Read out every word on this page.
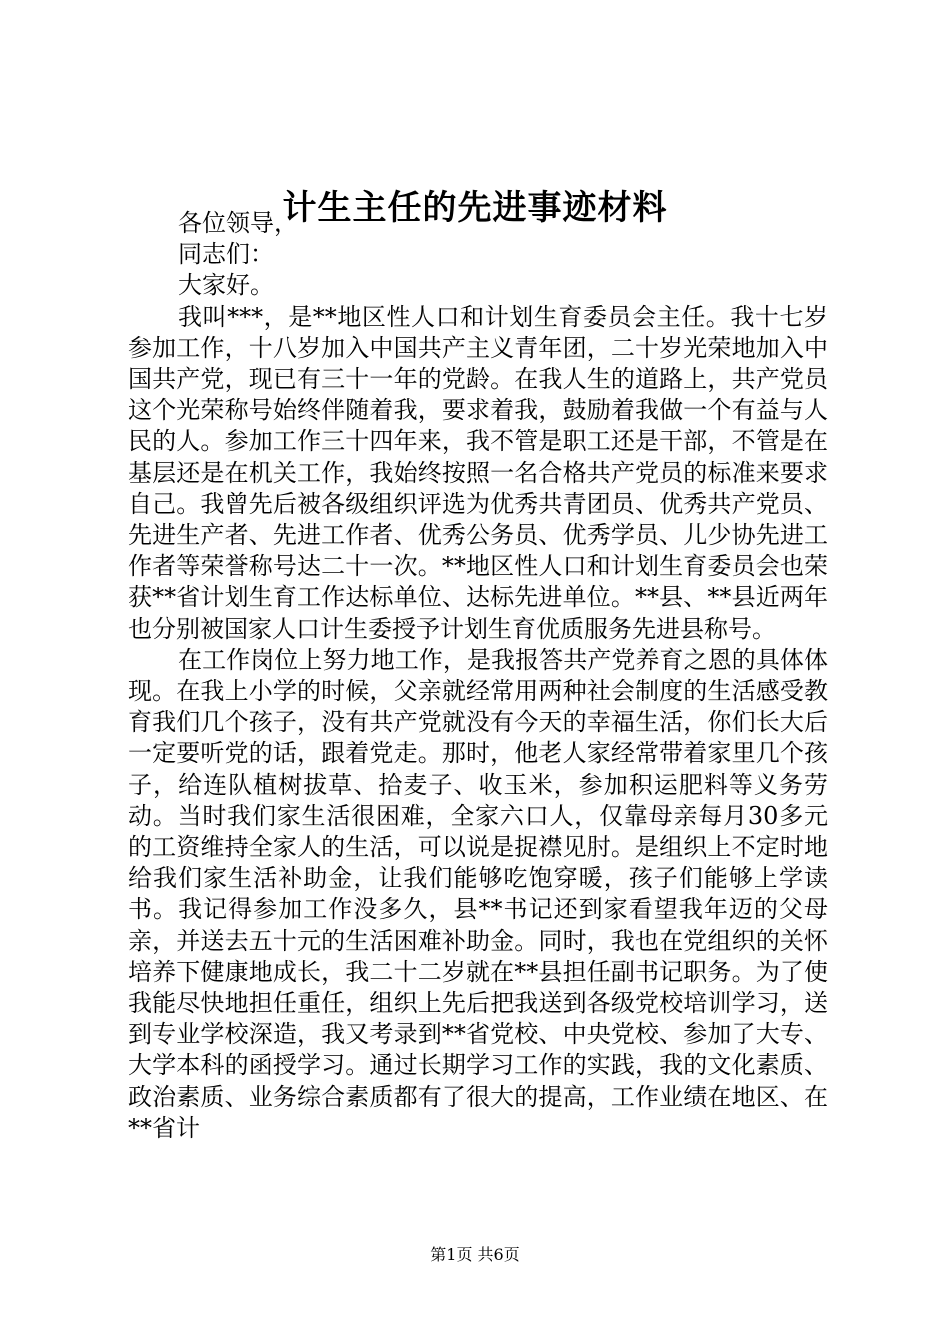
计生主任的先进事迹材料

各位领导，

同志们：

大家好。

我叫***，是**地区性人口和计划生育委员会主任。我十七岁参加工作，十八岁加入中国共产主义青年团，二十岁光荣地加入中国共产党，现已有三十一年的党龄。在我人生的道路上，共产党员这个光荣称号始终伴随着我，要求着我，鼓励着我做一个有益与人民的人。参加工作三十四年来，我不管是职工还是干部，不管是在基层还是在机关工作，我始终按照一名合格共产党员的标准来要求自己。我曾先后被各级组织评选为优秀共青团员、优秀共产党员、先进生产者、先进工作者、优秀公务员、优秀学员、儿少协先进工作者等荣誉称号达二十一次。**地区性人口和计划生育委员会也荣获**省计划生育工作达标单位、达标先进单位。**县、**县近两年也分别被国家人口计生委授予计划生育优质服务先进县称号。

在工作岗位上努力地工作，是我报答共产党养育之恩的具体体现。在我上小学的时候，父亲就经常用两种社会制度的生活感受教育我们几个孩子，没有共产党就没有今天的幸福生活，你们长大后一定要听党的话，跟着党走。那时，他老人家经常带着家里几个孩子，给连队植树拔草、拾麦子、收玉米，参加积运肥料等义务劳动。当时我们家生活很困难，全家六口人，仅靠母亲每月30多元的工资维持全家人的生活，可以说是捉襟见肘。是组织上不定时地给我们家生活补助金，让我们能够吃饱穿暖，孩子们能够上学读书。我记得参加工作没多久，县**书记还到家看望我年迈的父母亲，并送去五十元的生活困难补助金。同时，我也在党组织的关怀培养下健康地成长，我二十二岁就在**县担任副书记职务。为了使我能尽快地担任重任，组织上先后把我送到各级党校培训学习，送到专业学校深造，我又考录到**省党校、中央党校、参加了大专、大学本科的函授学习。通过长期学习工作的实践，我的文化素质、政治素质、业务综合素质都有了很大的提高，工作业绩在地区、在**省计

第1页 共6页
